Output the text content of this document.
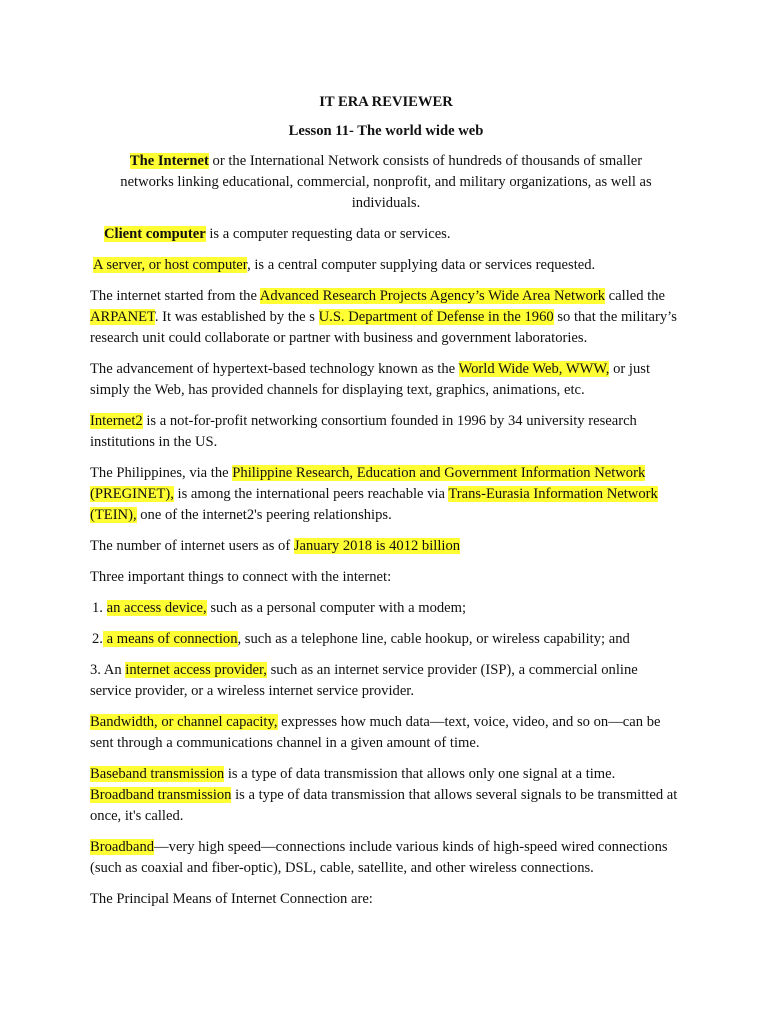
IT ERA REVIEWER
Lesson 11- The world wide web

The Internet or the International Network consists of hundreds of thousands of smaller networks linking educational, commercial, nonprofit, and military organizations, as well as individuals.

Client computer is a computer requesting data or services.

A server, or host computer, is a central computer supplying data or services requested.

The internet started from the Advanced Research Projects Agency’s Wide Area Network called the ARPANET. It was established by the s U.S. Department of Defense in the 1960 so that the military’s research unit could collaborate or partner with business and government laboratories.

The advancement of hypertext-based technology known as the World Wide Web, WWW, or just simply the Web, has provided channels for displaying text, graphics, animations, etc.

Internet2 is a not-for-profit networking consortium founded in 1996 by 34 university research institutions in the US.

The Philippines, via the Philippine Research, Education and Government Information Network (PREGINET), is among the international peers reachable via Trans-Eurasia Information Network (TEIN), one of the internet2's peering relationships.

The number of internet users as of January 2018 is 4012 billion

Three important things to connect with the internet:

1. an access device, such as a personal computer with a modem;

2. a means of connection, such as a telephone line, cable hookup, or wireless capability; and

3. An internet access provider, such as an internet service provider (ISP), a commercial online service provider, or a wireless internet service provider.

Bandwidth, or channel capacity, expresses how much data—text, voice, video, and so on—can be sent through a communications channel in a given amount of time.

Baseband transmission is a type of data transmission that allows only one signal at a time.
Broadband transmission is a type of data transmission that allows several signals to be transmitted at once, it's called.

Broadband—very high speed—connections include various kinds of high-speed wired connections (such as coaxial and fiber-optic), DSL, cable, satellite, and other wireless connections.

The Principal Means of Internet Connection are:
